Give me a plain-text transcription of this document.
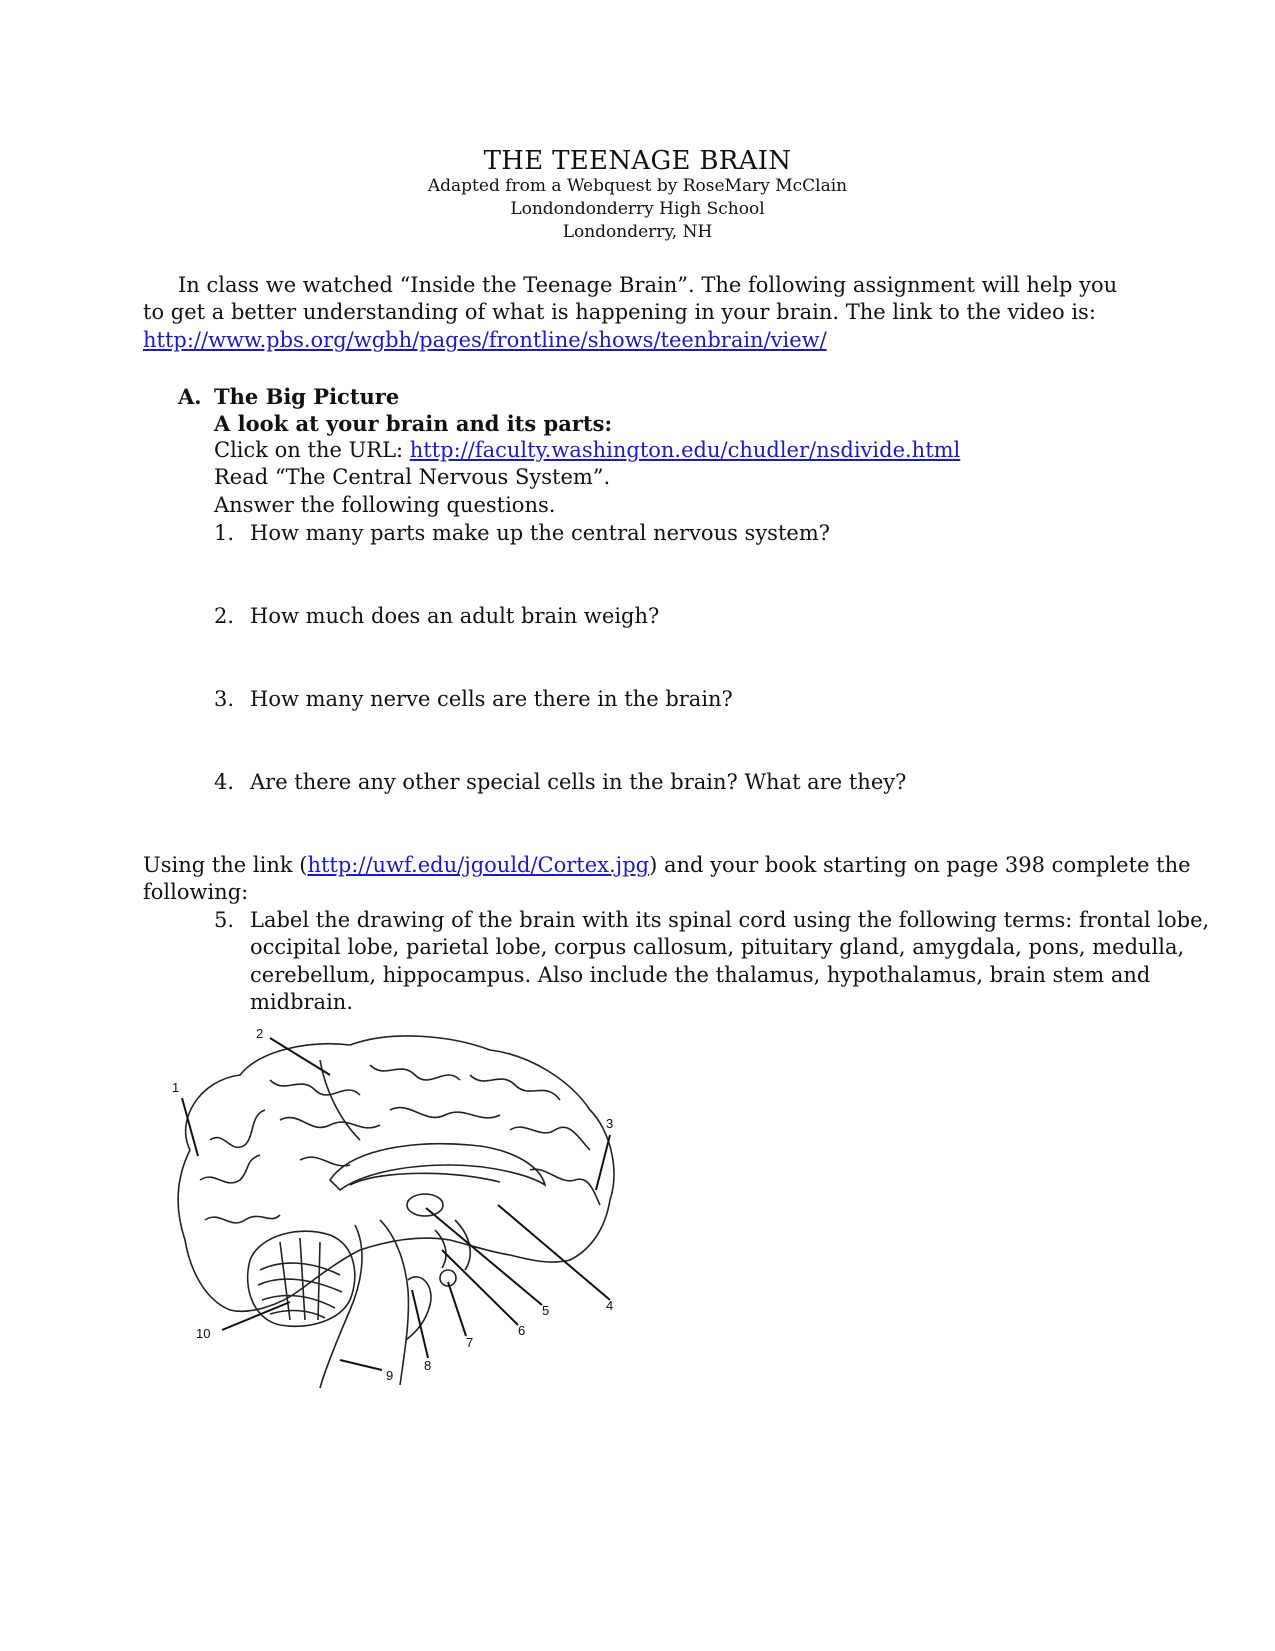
THE TEENAGE BRAIN
Adapted from a Webquest by RoseMary McClain
Londondonderry High School
Londonderry, NH
In class we watched “Inside the Teenage Brain”. The following assignment will help you
to get a better understanding of what is happening in your brain. The link to the video is:
http://www.pbs.org/wgbh/pages/frontline/shows/teenbrain/view/
A. The Big Picture
A look at your brain and its parts:
Click on the URL: http://faculty.washington.edu/chudler/nsdivide.html
Read “The Central Nervous System”.
Answer the following questions.
1. How many parts make up the central nervous system?
2. How much does an adult brain weigh?
3. How many nerve cells are there in the brain?
4. Are there any other special cells in the brain? What are they?
Using the link (http://uwf.edu/jgould/Cortex.jpg) and your book starting on page 398 complete the
following:
5. Label the drawing of the brain with its spinal cord using the following terms: frontal lobe,
occipital lobe, parietal lobe, corpus callosum, pituitary gland, amygdala, pons, medulla,
cerebellum, hippocampus. Also include the thalamus, hypothalamus, brain stem and
midbrain.
1
2
3
4
5
6
7
8
9
10
